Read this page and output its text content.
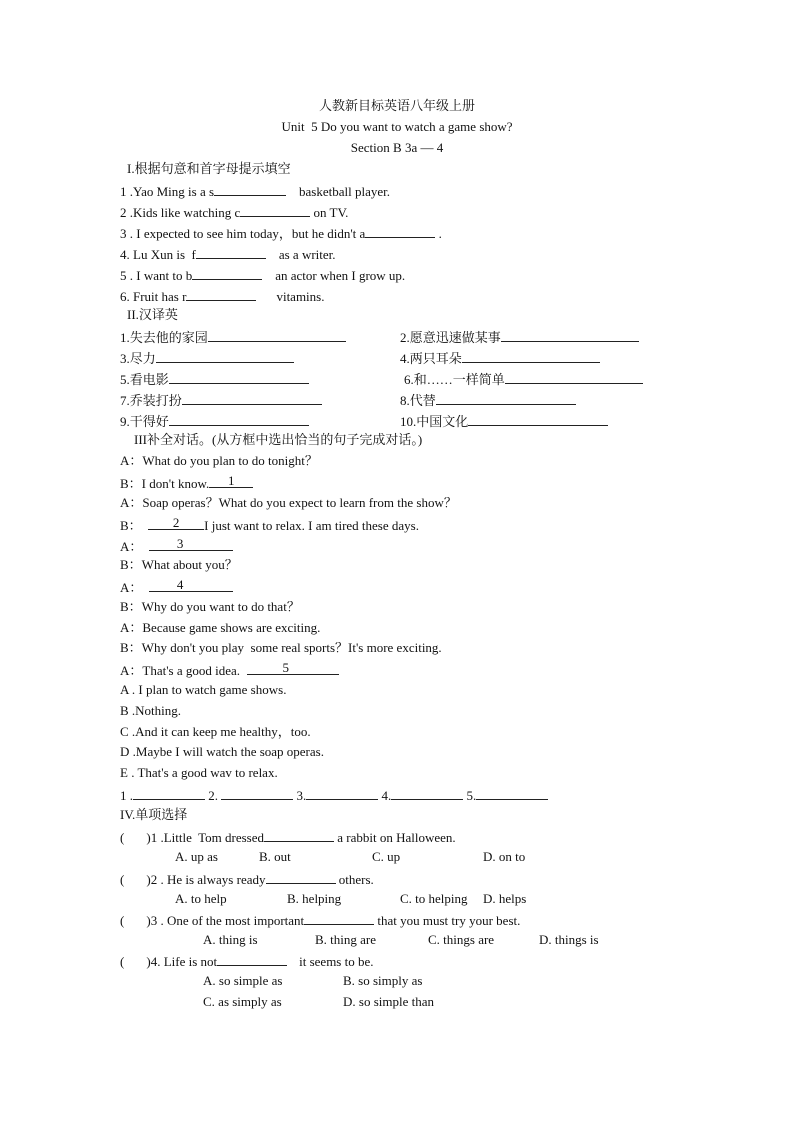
人教新目标英语八年级上册
Unit  5 Do you want to watch a game show?
Section B 3a — 4
I.根据句意和首字母提示填空
1 .Yao Ming is a s	basketball player.
2 .Kids like watching c	on TV.
3 . I expected to see him today，but he didn't a	.
4. Lu Xun is  f	as a writer.
5 . I want to b	an actor when I grow up.
6. Fruit has r	vitamins.
II.汉译英
1.失去他的家园	2.愿意迅速做某事
3.尽力	4.两只耳朵
5.看电影	6.和……一样简单
7.乔装打扮	8.代替
9.干得好	10.中国文化
III补全对话。(从方框中选出恰当的句子完成对话。)
A：What do you plan to do tonight？
B：I don't know.	1
A：Soap operas？What do you expect to learn from the show？
B：	2	I just want to relax. I am tired these days.
A：	3
B：What about you？
A：	4
B：Why do you want to do that？
A：Because game shows are exciting.
B：Why don't you play  some real sports？It's more exciting.
A：That's a good idea.	5
A . I plan to watch game shows.
B .Nothing.
C .And it can keep me healthy，too.
D .Maybe I will watch the soap operas.
E . That's a good wav to relax.
1 .	2.	3.	4.	5.
IV.单项选择
( )1 .Little  Tom dressed	a rabbit on Halloween.
A. up as	B. out	C. up	D. on to
( )2 . He is always ready	others.
A. to help	B. helping	C. to helping D. helps
( )3 . One of the most important	that you must try your best.
A. thing is	B. thing are	C. things are	D. things is
( )4. Life is not	it seems to be.
A. so simple as	B. so simply as
C. as simply as	D. so simple than
